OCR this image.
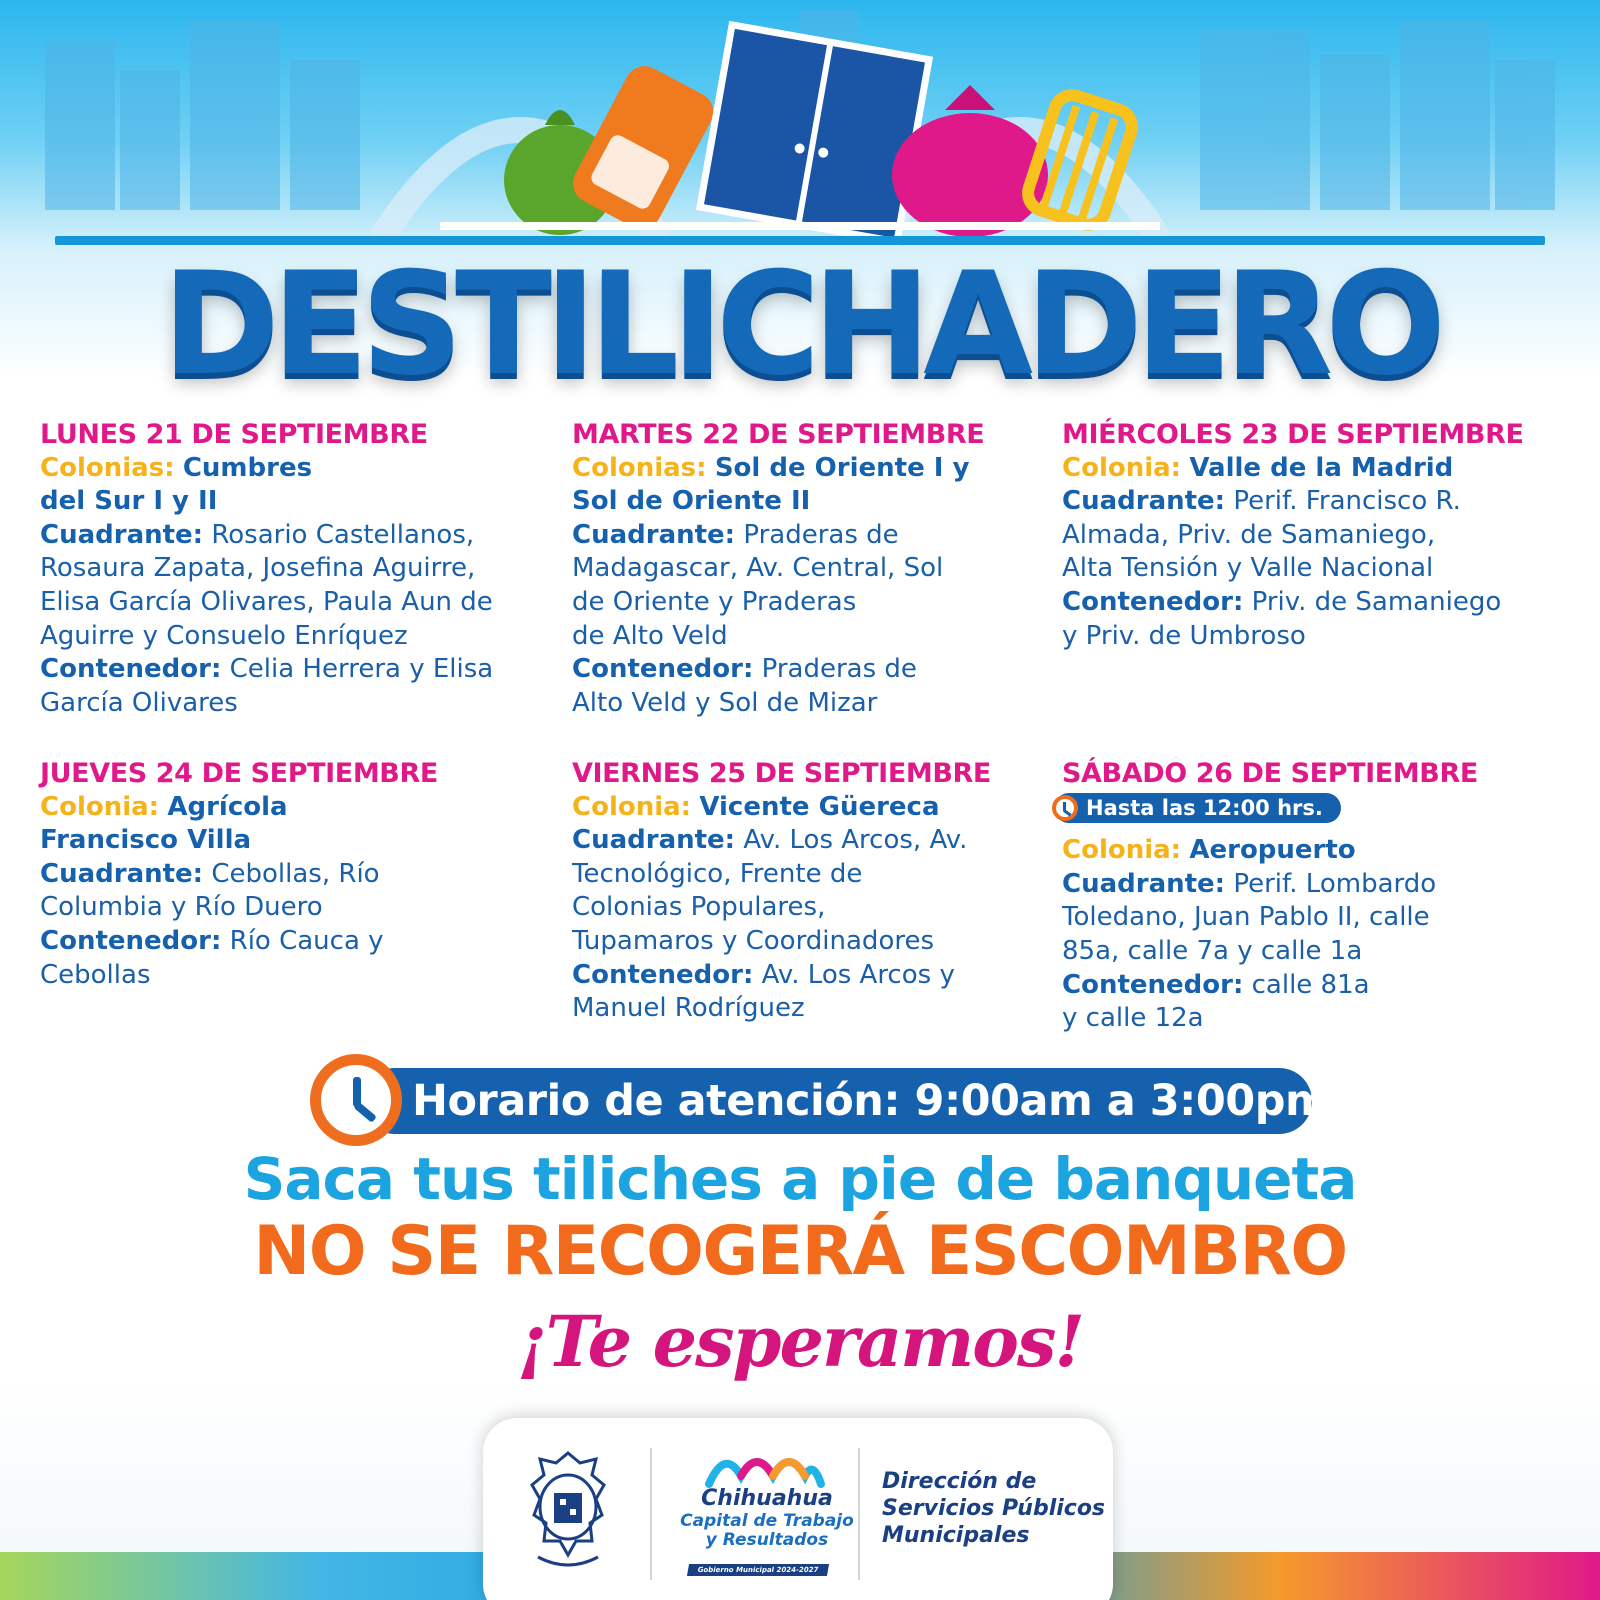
DESTILICHADERO

LUNES 21 DE SEPTIEMBRE

Colonias: Cumbres

del Sur I y II

Cuadrante: Rosario Castellanos,

Rosaura Zapata, Josefina Aguirre,

Elisa García Olivares, Paula Aun de

Aguirre y Consuelo Enríquez

Contenedor: Celia Herrera y Elisa

García Olivares

MARTES 22 DE SEPTIEMBRE

Colonias: Sol de Oriente I y

Sol de Oriente II

Cuadrante: Praderas de

Madagascar, Av. Central, Sol

de Oriente y Praderas

de Alto Veld

Contenedor: Praderas de

Alto Veld y Sol de Mizar

MIÉRCOLES 23 DE SEPTIEMBRE

Colonia: Valle de la Madrid

Cuadrante: Perif. Francisco R.

Almada, Priv. de Samaniego,

Alta Tensión y Valle Nacional

Contenedor: Priv. de Samaniego

y Priv. de Umbroso

JUEVES 24 DE SEPTIEMBRE

Colonia: Agrícola

Francisco Villa

Cuadrante: Cebollas, Río

Columbia y Río Duero

Contenedor: Río Cauca y

Cebollas

VIERNES 25 DE SEPTIEMBRE

Colonia: Vicente Güereca

Cuadrante: Av. Los Arcos, Av.

Tecnológico, Frente de

Colonias Populares,

Tupamaros y Coordinadores

Contenedor: Av. Los Arcos y

Manuel Rodríguez

SÁBADO 26 DE SEPTIEMBRE

Hasta las 12:00 hrs.

Colonia: Aeropuerto

Cuadrante: Perif. Lombardo

Toledano, Juan Pablo II, calle

85a, calle 7a y calle 1a

Contenedor: calle 81a

y calle 12a

Horario de atención: 9:00am a 3:00pm
Saca tus tiliches a pie de banqueta
NO SE RECOGERÁ ESCOMBRO
¡Te esperamos!
Chihuahua
Capital de Trabajo
y Resultados
Gobierno Municipal 2024-2027
Dirección de
Servicios Públicos
Municipales
